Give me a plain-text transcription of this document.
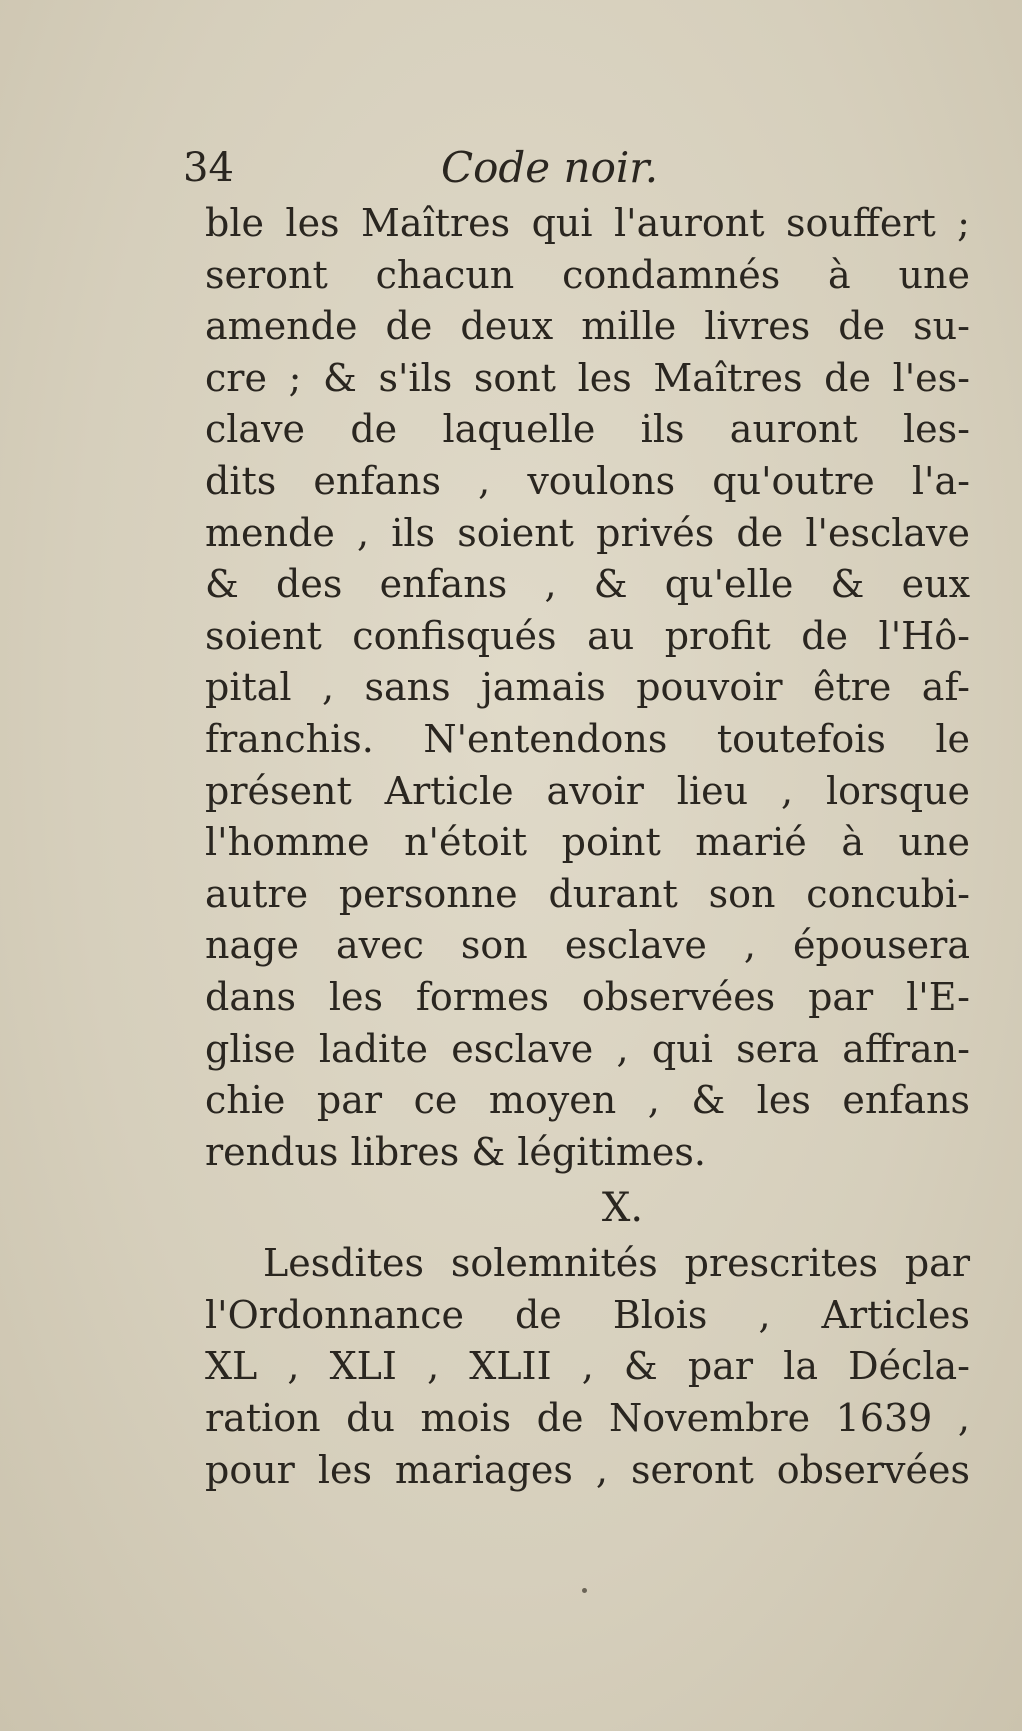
34	Code noir.
ble les Maîtres qui l'auront souffert ;
seront chacun condamnés à une
amende de deux mille livres de su-
cre ; & s'ils sont les Maîtres de l'es-
clave de laquelle ils auront les-
dits enfans , voulons qu'outre l'a-
mende , ils soient privés de l'esclave
& des enfans , & qu'elle & eux
soient confisqués au profit de l'Hô-
pital , sans jamais pouvoir être af-
franchis. N'entendons toutefois le
présent Article avoir lieu , lorsque
l'homme n'étoit point marié à une
autre personne durant son concubi-
nage avec son esclave , épousera
dans les formes observées par l'E-
glise ladite esclave , qui sera affran-
chie par ce moyen , & les enfans
rendus libres & légitimes.
X.
Lesdites solemnités prescrites par
l'Ordonnance de Blois , Articles
XL , XLI , XLII , & par la Décla-
ration du mois de Novembre 1639 ,
pour les mariages , seront observées
